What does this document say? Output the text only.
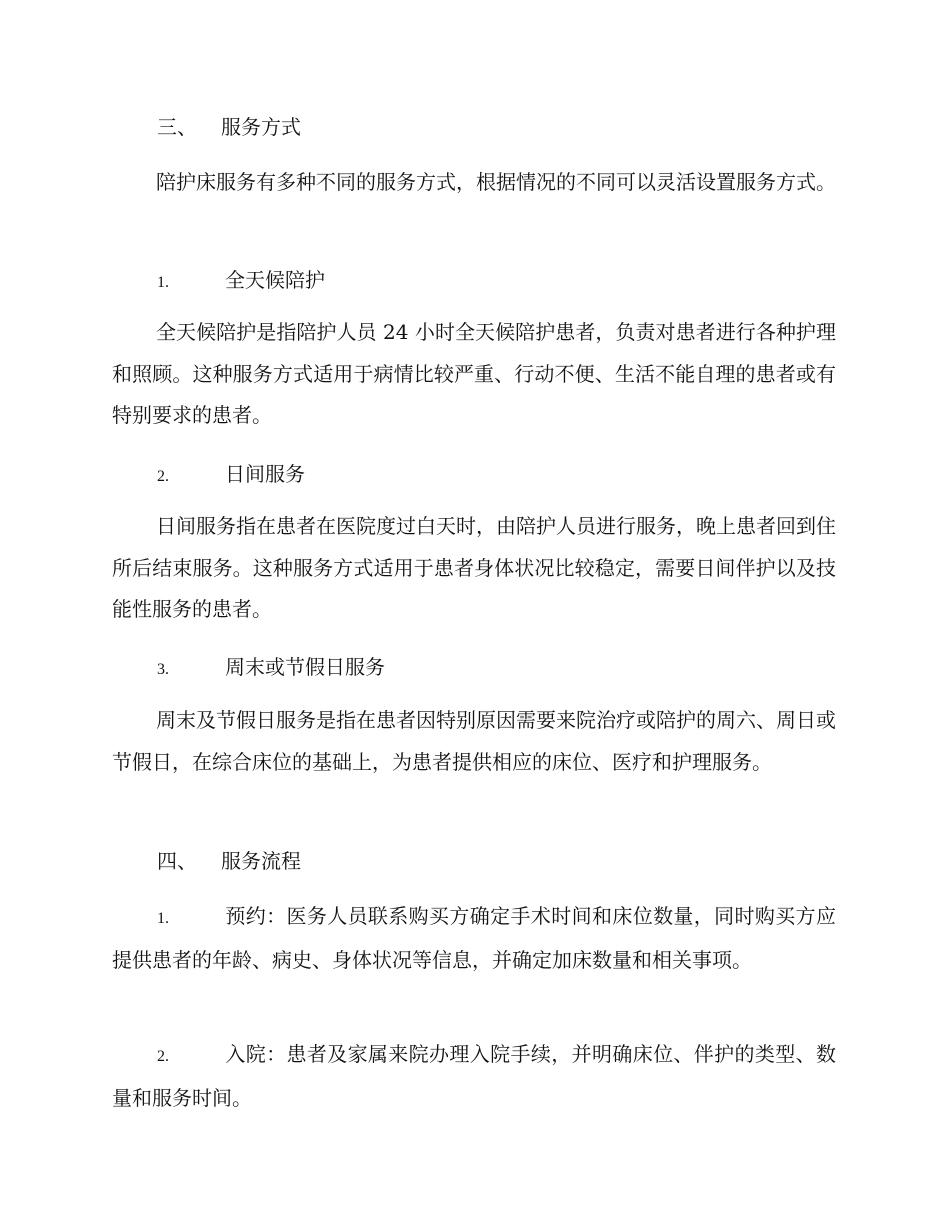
三、 服务方式
陪护床服务有多种不同的服务方式，根据情况的不同可以灵活设置服务方式。
1.	全天候陪护
全天候陪护是指陪护人员 24 小时全天候陪护患者，负责对患者进行各种护理和照顾。这种服务方式适用于病情比较严重、行动不便、生活不能自理的患者或有特别要求的患者。
2.	日间服务
日间服务指在患者在医院度过白天时，由陪护人员进行服务，晚上患者回到住所后结束服务。这种服务方式适用于患者身体状况比较稳定，需要日间伴护以及技能性服务的患者。
3.	周末或节假日服务
周末及节假日服务是指在患者因特别原因需要来院治疗或陪护的周六、周日或节假日，在综合床位的基础上，为患者提供相应的床位、医疗和护理服务。
四、 服务流程
1.	预约：医务人员联系购买方确定手术时间和床位数量，同时购买方应提供患者的年龄、病史、身体状况等信息，并确定加床数量和相关事项。
2.	入院：患者及家属来院办理入院手续，并明确床位、伴护的类型、数量和服务时间。
